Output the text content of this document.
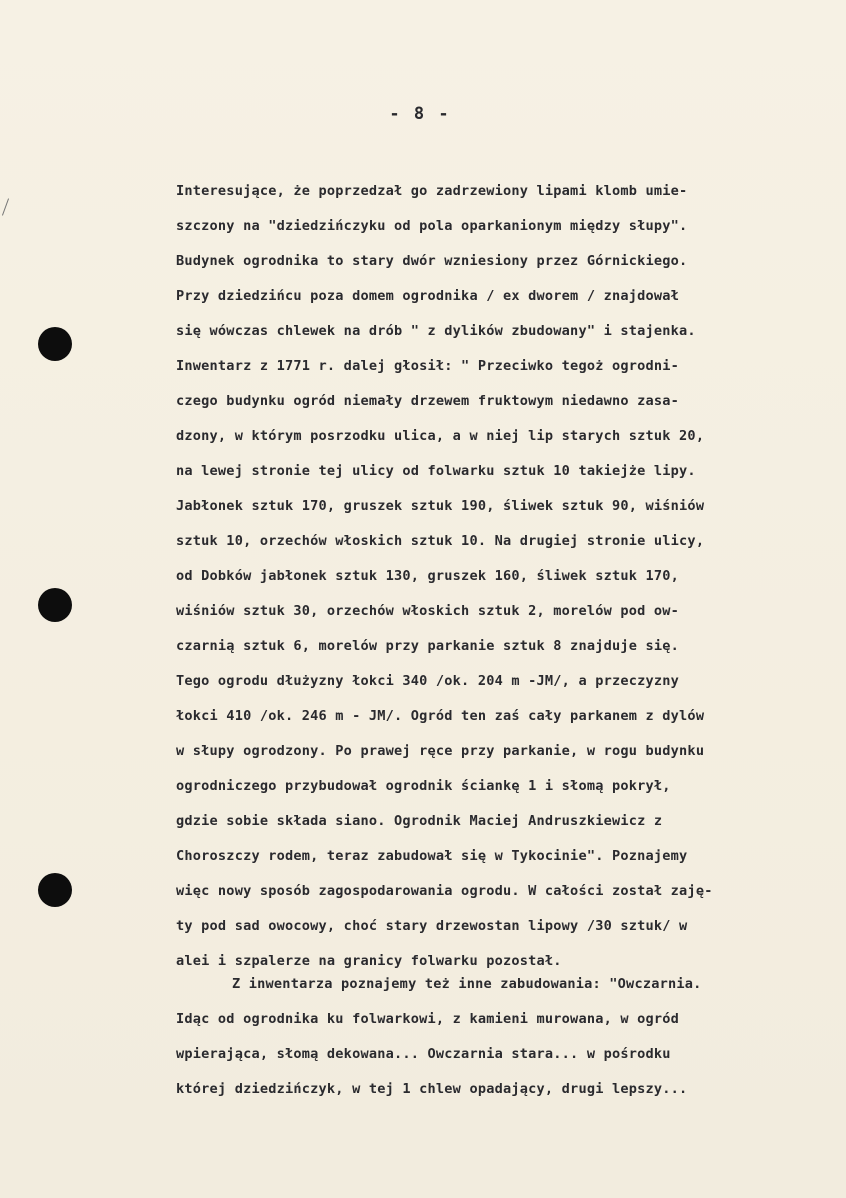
- 8 -
Interesujące, że poprzedzał go zadrzewiony lipami klomb umie-
szczony na "dziedzińczyku od pola oparkanionym między słupy".
Budynek ogrodnika to stary dwór wzniesiony przez Górnickiego.
Przy dziedzińcu poza domem ogrodnika / ex dworem / znajdował
się wówczas chlewek na drób " z dylików zbudowany" i stajenka.
Inwentarz z 1771 r. dalej głosił: " Przeciwko tegoż ogrodni-
czego budynku ogród niemały drzewem fruktowym niedawno zasa-
dzony, w którym posrzodku ulica, a w niej lip starych sztuk 20,
na lewej stronie tej ulicy od folwarku sztuk 10 takiejże lipy.
Jabłonek sztuk 170, gruszek sztuk 190, śliwek sztuk 90, wiśniów
sztuk 10, orzechów włoskich sztuk 10. Na drugiej stronie ulicy,
od Dobków jabłonek sztuk 130, gruszek 160, śliwek sztuk 170,
wiśniów sztuk 30, orzechów włoskich sztuk 2, morelów pod ow-
czarnią sztuk 6, morelów przy parkanie sztuk 8 znajduje się.
Tego ogrodu dłużyzny łokci 340 /ok. 204 m -JM/, a przeczyzny
łokci 410 /ok. 246 m - JM/. Ogród ten zaś cały parkanem z dylów
w słupy ogrodzony. Po prawej ręce przy parkanie, w rogu budynku
ogrodniczego przybudował ogrodnik ściankę 1 i słomą pokrył,
gdzie sobie składa siano. Ogrodnik Maciej Andruszkiewicz z
Choroszczy rodem, teraz zabudował się w Tykocinie". Poznajemy
więc nowy sposób zagospodarowania ogrodu. W całości został zaję-
ty pod sad owocowy, choć stary drzewostan lipowy /30 sztuk/ w
alei i szpalerze na granicy folwarku pozostał.
Z inwentarza poznajemy też inne zabudowania: "Owczarnia.
Idąc od ogrodnika ku folwarkowi, z kamieni murowana, w ogród
wpierająca, słomą dekowana... Owczarnia stara... w pośrodku
której dziedzińczyk, w tej 1 chlew opadający, drugi lepszy...
